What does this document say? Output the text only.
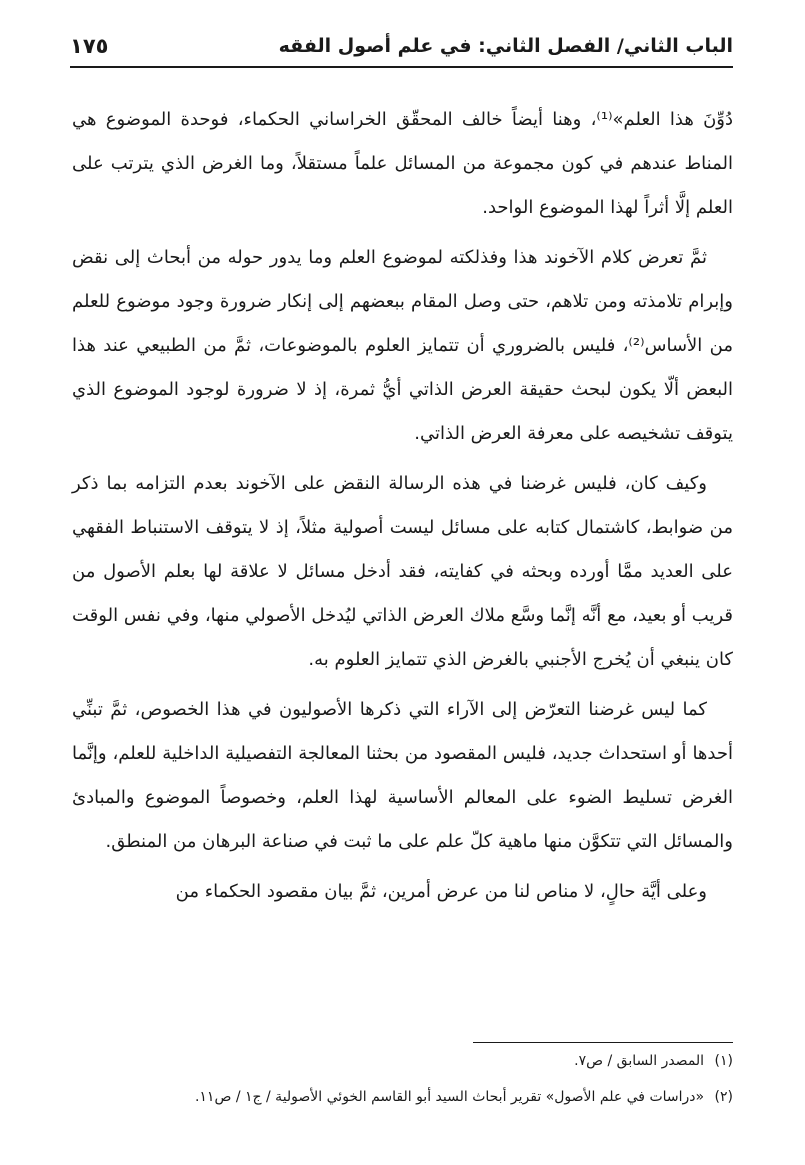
الباب الثاني/ الفصل الثاني: في علم أصول الفقه
١٧٥

دُوِّنَ هذا العلم»⁽¹⁾، وهنا أيضاً خالف المحقّق الخراساني الحكماء، فوحدة الموضوع هي المناط عندهم في كون مجموعة من المسائل علماً مستقلاً، وما الغرض الذي يترتب على العلم إلَّا أثراً لهذا الموضوع الواحد.

ثمَّ تعرض كلام الآخوند هذا وفذلكته لموضوع العلم وما يدور حوله من أبحاث إلى نقض وإبرام تلامذته ومن تلاهم، حتى وصل المقام ببعضهم إلى إنكار ضرورة وجود موضوع للعلم من الأساس⁽²⁾، فليس بالضروري أن تتمايز العلوم بالموضوعات، ثمَّ من الطبيعي عند هذا البعض ألّا يكون لبحث حقيقة العرض الذاتي أيُّ ثمرة، إذ لا ضرورة لوجود الموضوع الذي يتوقف تشخيصه على معرفة العرض الذاتي.

وكيف كان، فليس غرضنا في هذه الرسالة النقض على الآخوند بعدم التزامه بما ذكر من ضوابط، كاشتمال كتابه على مسائل ليست أصولية مثلاً، إذ لا يتوقف الاستنباط الفقهي على العديد ممَّا أورده وبحثه في كفايته، فقد أدخل مسائل لا علاقة لها بعلم الأصول من قريب أو بعيد، مع أنَّه إنَّما وسَّع ملاك العرض الذاتي ليُدخل الأصولي منها، وفي نفس الوقت كان ينبغي أن يُخرج الأجنبي بالغرض الذي تتمايز العلوم به.

كما ليس غرضنا التعرّض إلى الآراء التي ذكرها الأصوليون في هذا الخصوص، ثمَّ تبنِّي أحدها أو استحداث جديد، فليس المقصود من بحثنا المعالجة التفصيلية الداخلية للعلم، وإنَّما الغرض تسليط الضوء على المعالم الأساسية لهذا العلم، وخصوصاً الموضوع والمبادئ والمسائل التي تتكوَّن منها ماهية كلّ علم على ما ثبت في صناعة البرهان من المنطق.

وعلى أيَّة حالٍ، لا مناص لنا من عرض أمرين، ثمَّ بيان مقصود الحكماء من

(١) المصدر السابق / ص٧.
(٢) «دراسات في علم الأصول» تقرير أبحاث السيد أبو القاسم الخوئي الأصولية / ج١ / ص١١.
